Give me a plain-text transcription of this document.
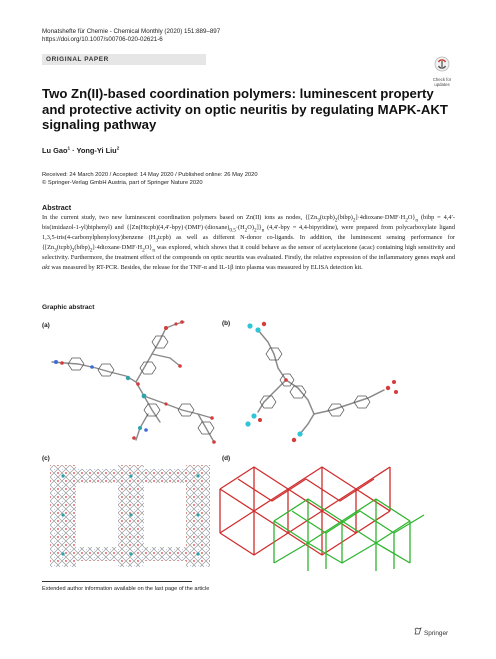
Monatshefte für Chemie - Chemical Monthly (2020) 151:889–897
https://doi.org/10.1007/s00706-020-02621-6
ORIGINAL PAPER
Check for
updates
Two Zn(II)-based coordination polymers: luminescent property and protective activity on optic neuritis by regulating MAPK-AKT signaling pathway
Lu Gao$^1$ · Yong-Yi Liu$^2$
Received: 24 March 2020 / Accepted: 14 May 2020 / Published online: 26 May 2020
© Springer-Verlag GmbH Austria, part of Springer Nature 2020
Abstract
In the current study, two new luminescent coordination polymers based on Zn(II) ions as nodes, $\{[Zn_3(tcpb)_2(bibp)_2]\cdot 4dioxane\cdot DMF\cdot H_2O\}_n$ (bibp = 4,4′-bis(imidazol-1-yl)biphenyl) and $\{[Zn(Htcpb)(4,4'-bpy)\cdot(DMF)\cdot(dioxane)_{0.5}\cdot(H_2O)_2]\}_n$ (4,4′-bpy = 4,4-bipyridine), were prepared from polycarboxylate ligand 1,3,5-tris(4-carbonylphenyloxy)benzene $(H_3tcpb)$ as well as different N-donor co-ligands. In addition, the luminescent sensing performance for $\{[Zn_3(tcpb)_2(bibp)_2]\cdot 4dioxane\cdot DMF\cdot H_2O\}_n$ was explored, which shows that it could behave as the sensor of acetylacetone (acac) containing high sensitivity and selectivity. Furthermore, the treatment effect of the compounds on optic neuritis was evaluated. Firstly, the relative expression of the inflammatory genes mapk and akt was measured by RT-PCR. Besides, the release for the TNF-α and IL-1β into plasma was measured by ELISA detection kit.
Graphic abstract
(a)	(b)
(c)	(d)
Extended author information available on the last page of the article
Springer
